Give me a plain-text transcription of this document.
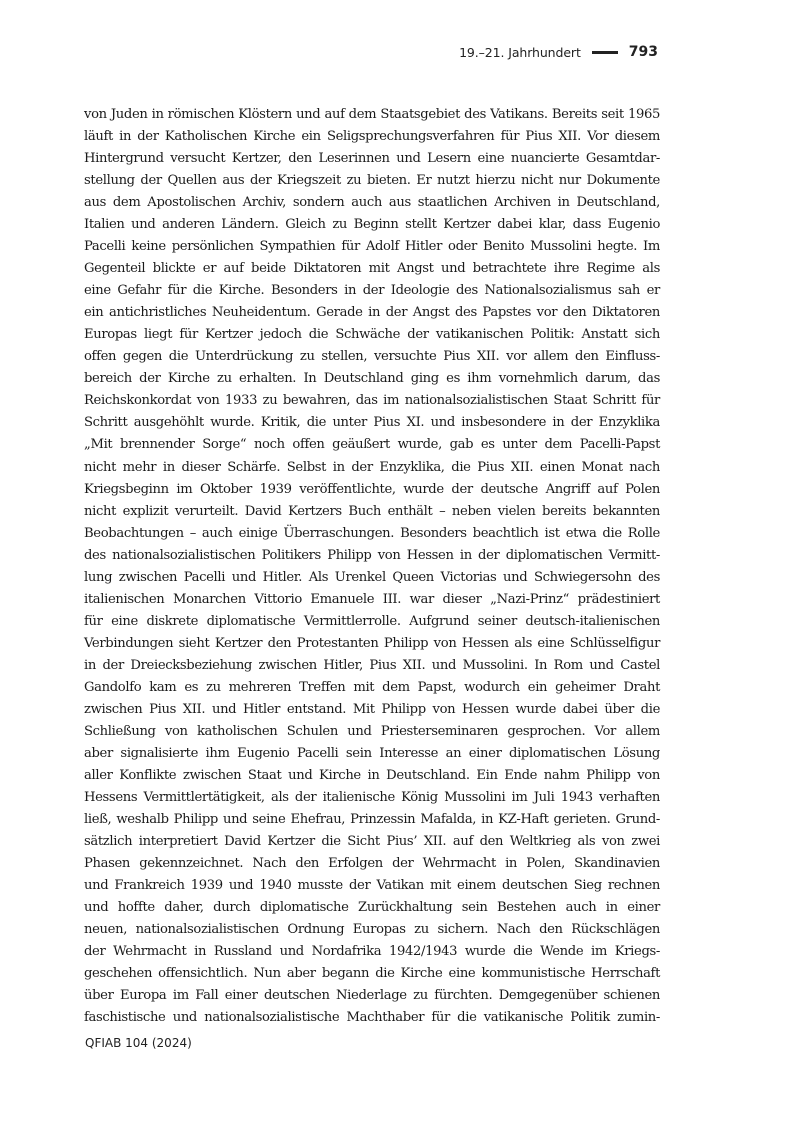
19.–21. Jahrhundert	793
von Juden in römischen Klöstern und auf dem Staatsgebiet des Vatikans. Bereits seit 1965
läuft in der Katholischen Kirche ein Seligsprechungsverfahren für Pius XII. Vor diesem
Hintergrund versucht Kertzer, den Leserinnen und Lesern eine nuancierte Gesamtdar-
stellung der Quellen aus der Kriegszeit zu bieten. Er nutzt hierzu nicht nur Dokumente
aus dem Apostolischen Archiv, sondern auch aus staatlichen Archiven in Deutschland,
Italien und anderen Ländern. Gleich zu Beginn stellt Kertzer dabei klar, dass Eugenio
Pacelli keine persönlichen Sympathien für Adolf Hitler oder Benito Mussolini hegte. Im
Gegenteil blickte er auf beide Diktatoren mit Angst und betrachtete ihre Regime als
eine Gefahr für die Kirche. Besonders in der Ideologie des Nationalsozialismus sah er
ein antichristliches Neuheidentum. Gerade in der Angst des Papstes vor den Diktatoren
Europas liegt für Kertzer jedoch die Schwäche der vatikanischen Politik: Anstatt sich
offen gegen die Unterdrückung zu stellen, versuchte Pius XII. vor allem den Einfluss-
bereich der Kirche zu erhalten. In Deutschland ging es ihm vornehmlich darum, das
Reichskonkordat von 1933 zu bewahren, das im nationalsozialistischen Staat Schritt für
Schritt ausgehöhlt wurde. Kritik, die unter Pius XI. und insbesondere in der Enzyklika
„Mit brennender Sorge“ noch offen geäußert wurde, gab es unter dem Pacelli-Papst
nicht mehr in dieser Schärfe. Selbst in der Enzyklika, die Pius XII. einen Monat nach
Kriegsbeginn im Oktober 1939 veröffentlichte, wurde der deutsche Angriff auf Polen
nicht explizit verurteilt. David Kertzers Buch enthält – neben vielen bereits bekannten
Beobachtungen – auch einige Überraschungen. Besonders beachtlich ist etwa die Rolle
des nationalsozialistischen Politikers Philipp von Hessen in der diplomatischen Vermitt-
lung zwischen Pacelli und Hitler. Als Urenkel Queen Victorias und Schwiegersohn des
italienischen Monarchen Vittorio Emanuele III. war dieser „Nazi-Prinz“ prädestiniert
für eine diskrete diplomatische Vermittlerrolle. Aufgrund seiner deutsch-italienischen
Verbindungen sieht Kertzer den Protestanten Philipp von Hessen als eine Schlüsselfigur
in der Dreiecksbeziehung zwischen Hitler, Pius XII. und Mussolini. In Rom und Castel
Gandolfo kam es zu mehreren Treffen mit dem Papst, wodurch ein geheimer Draht
zwischen Pius XII. und Hitler entstand. Mit Philipp von Hessen wurde dabei über die
Schließung von katholischen Schulen und Priesterseminaren gesprochen. Vor allem
aber signalisierte ihm Eugenio Pacelli sein Interesse an einer diplomatischen Lösung
aller Konflikte zwischen Staat und Kirche in Deutschland. Ein Ende nahm Philipp von
Hessens Vermittlertätigkeit, als der italienische König Mussolini im Juli 1943 verhaften
ließ, weshalb Philipp und seine Ehefrau, Prinzessin Mafalda, in KZ-Haft gerieten. Grund-
sätzlich interpretiert David Kertzer die Sicht Pius’ XII. auf den Weltkrieg als von zwei
Phasen gekennzeichnet. Nach den Erfolgen der Wehrmacht in Polen, Skandinavien
und Frankreich 1939 und 1940 musste der Vatikan mit einem deutschen Sieg rechnen
und hoffte daher, durch diplomatische Zurückhaltung sein Bestehen auch in einer
neuen, nationalsozialistischen Ordnung Europas zu sichern. Nach den Rückschlägen
der Wehrmacht in Russland und Nordafrika 1942/1943 wurde die Wende im Kriegs-
geschehen offensichtlich. Nun aber begann die Kirche eine kommunistische Herrschaft
über Europa im Fall einer deutschen Niederlage zu fürchten. Demgegenüber schienen
faschistische und nationalsozialistische Machthaber für die vatikanische Politik zumin-
QFIAB 104 (2024)
